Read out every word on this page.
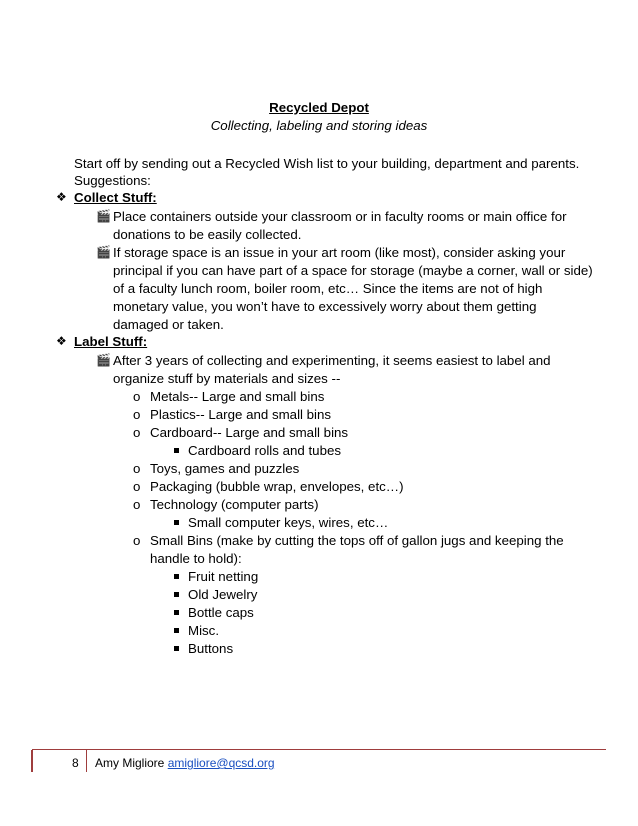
Recycled Depot
Collecting, labeling and storing ideas
Start off by sending out a Recycled Wish list to your building, department and parents.
Suggestions:
❖ Collect Stuff:
🎬 Place containers outside your classroom or in faculty rooms or main office for
donations to be easily collected.
🎬 If storage space is an issue in your art room (like most), consider asking your
principal if you can have part of a space for storage (maybe a corner, wall or side)
of a faculty lunch room, boiler room, etc… Since the items are not of high
monetary value, you won’t have to excessively worry about them getting
damaged or taken.
❖ Label Stuff:
🎬 After 3 years of collecting and experimenting, it seems easiest to label and
organize stuff by materials and sizes --
o Metals-- Large and small bins
o Plastics-- Large and small bins
o Cardboard-- Large and small bins
Cardboard rolls and tubes
o Toys, games and puzzles
o Packaging (bubble wrap, envelopes, etc…)
o Technology (computer parts)
Small computer keys, wires, etc…
o Small Bins (make by cutting the tops off of gallon jugs and keeping the
handle to hold):
Fruit netting
Old Jewelry
Bottle caps
Misc.
Buttons
8 Amy Migliore amigliore@qcsd.org
